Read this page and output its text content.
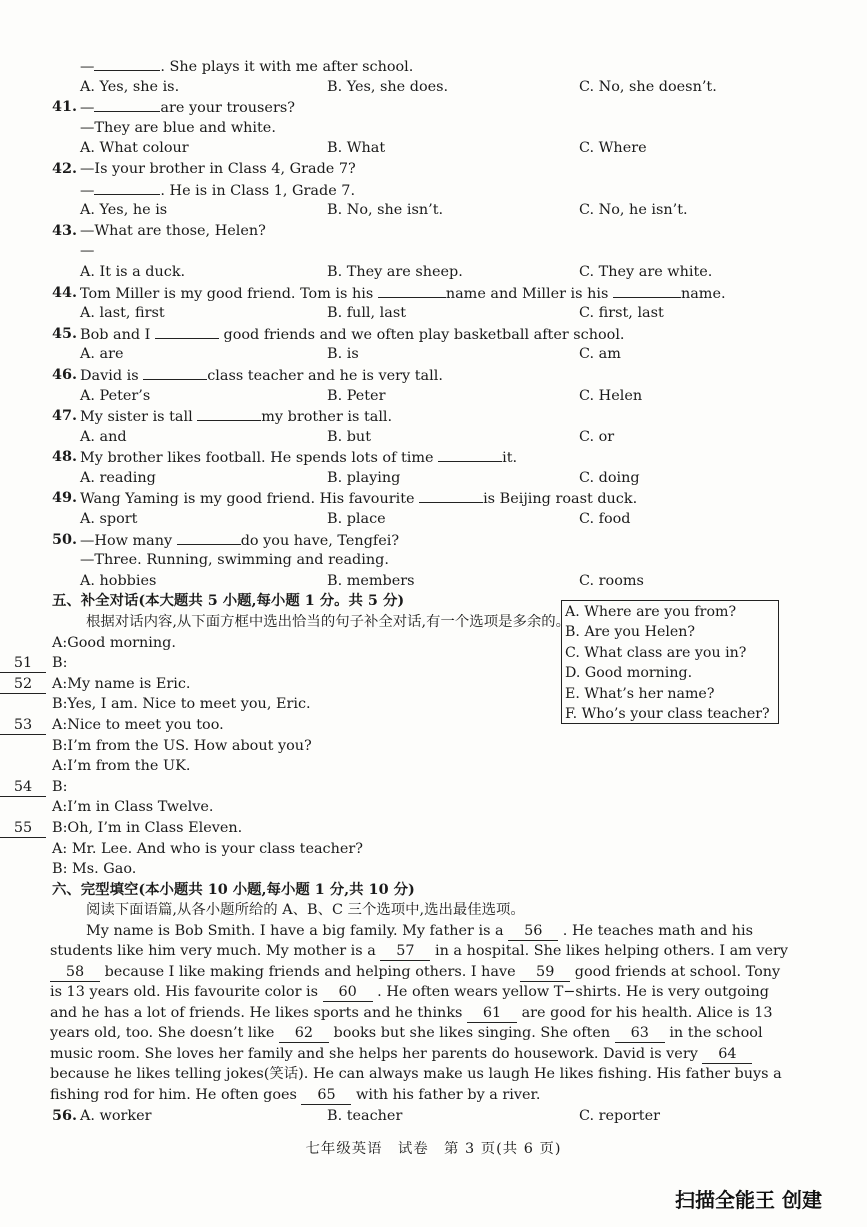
—	. She plays it with me after school.
A. Yes, she is.	B. Yes, she does.	C. No, she doesn’t.
41. —	are your trousers?
—They are blue and white.
A. What colour	B. What	C. Where
42. —Is your brother in Class 4, Grade 7?
—	. He is in Class 1, Grade 7.
A. Yes, he is	B. No, she isn’t.	C. No, he isn’t.
43. —What are those, Helen?
—
A. It is a duck.	B. They are sheep.	C. They are white.
44. Tom Miller is my good friend. Tom is his	name and Miller is his	name.
A. last, first	B. full, last	C. first, last
45. Bob and I	good friends and we often play basketball after school.
A. are	B. is	C. am
46. David is	class teacher and he is very tall.
A. Peter’s	B. Peter	C. Helen
47. My sister is tall	my brother is tall.
A. and	B. but	C. or
48. My brother likes football. He spends lots of time	it.
A. reading	B. playing	C. doing
49. Wang Yaming is my good friend. His favourite	is Beijing roast duck.
A. sport	B. place	C. food
50. —How many	do you have, Tengfei?
—Three. Running, swimming and reading.
A. hobbies	B. members	C. rooms
五、补全对话(本大题共 5 小题,每小题 1 分。共 5 分)
根据对话内容,从下面方框中选出恰当的句子补全对话,有一个选项是多余的。
A:Good morning.
B:
51
A:My name is Eric.
52
B:Yes, I am. Nice to meet you, Eric.
A:Nice to meet you too.
53
B:I’m from the US. How about you?
A:I’m from the UK.
B:
54
A:I’m in Class Twelve.
B:Oh, I’m in Class Eleven.
55
A: Mr. Lee. And who is your class teacher?
B: Ms. Gao.
六、完型填空(本小题共 10 小题,每小题 1 分,共 10 分)
阅读下面语篇,从各小题所给的 A、B、C 三个选项中,选出最佳选项。
My name is Bob Smith. I have a big family. My father is a 56 . He teaches math and his
students like him very much. My mother is a 57 in a hospital. She likes helping others. I am very
58 because I like making friends and helping others. I have 59 good friends at school. Tony
is 13 years old. His favourite color is 60 . He often wears yellow T−shirts. He is very outgoing
and he has a lot of friends. He likes sports and he thinks 61 are good for his health. Alice is 13
years old, too. She doesn’t like 62 books but she likes singing. She often 63 in the school
music room. She loves her family and she helps her parents do housework. David is very 64
because he likes telling jokes(笑话). He can always make us laugh He likes fishing. His father buys a
fishing rod for him. He often goes 65 with his father by a river.
56. A. worker	B. teacher	C. reporter
A. Where are you from?
B. Are you Helen?
C. What class are you in?
D. Good morning.
E. What’s her name?
F. Who’s your class teacher?
七年级英语　试卷　第 3 页(共 6 页)
扫描全能王 创建
